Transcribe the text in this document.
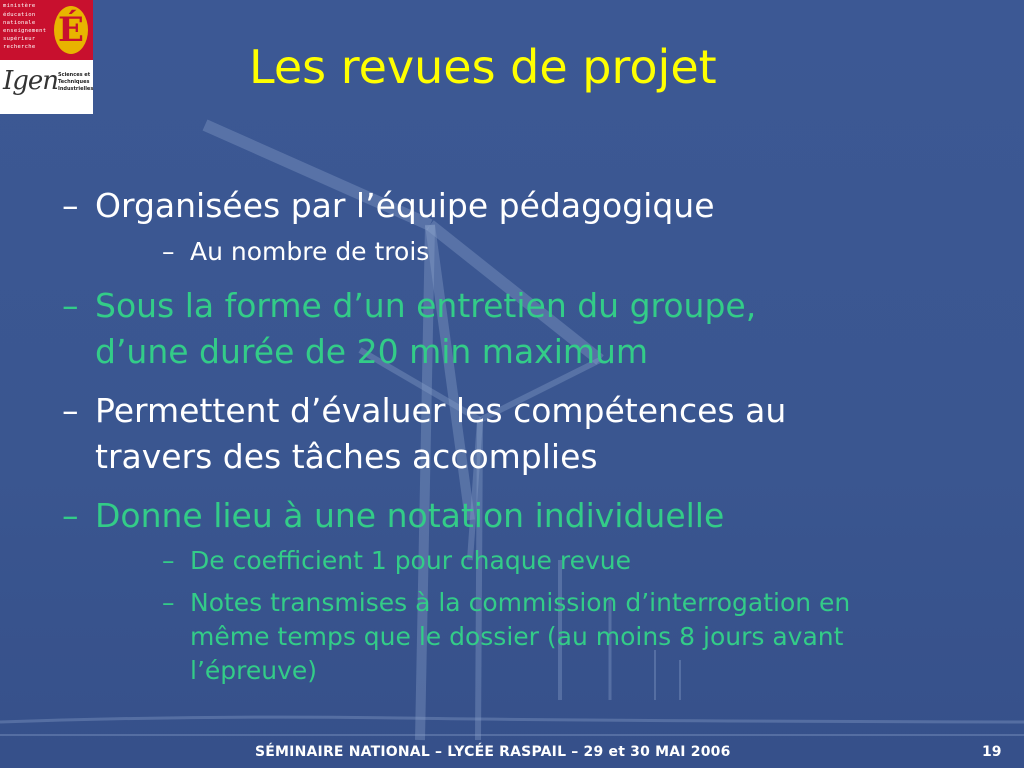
ministère
éducation
nationale
enseignement
supérieur
recherche É
Igen Sciences et
Techniques
Industrielles	Les revues de projet
– Organisées par l’équipe pédagogique
– Au nombre de trois
– Sous la forme d’un entretien du groupe,
d’une durée de 20 min maximum
– Permettent d’évaluer les compétences au
travers des tâches accomplies
– Donne lieu à une notation individuelle
– De coefficient 1 pour chaque revue
– Notes transmises à la commission d’interrogation en
même temps que le dossier (au moins 8 jours avant
l’épreuve)
SÉMINAIRE NATIONAL – LYCÉE RASPAIL – 29 et 30 MAI 2006	19
